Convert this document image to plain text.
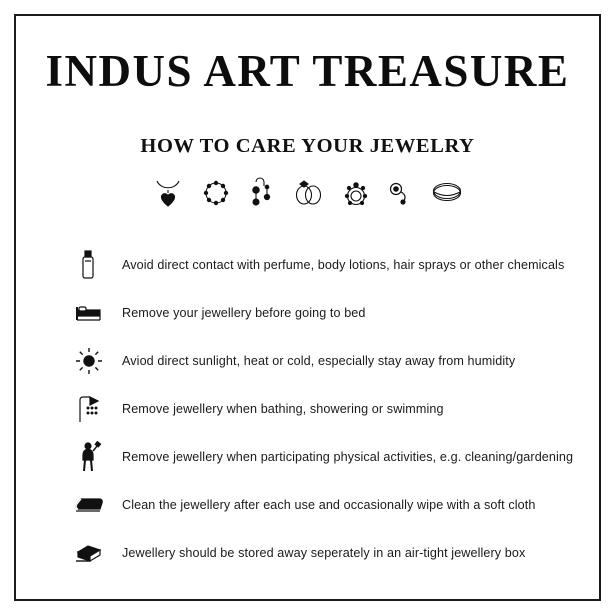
INDUS ART TREASURE
HOW TO CARE YOUR JEWELRY
Avoid direct contact with perfume, body lotions, hair sprays or other chemicals
Remove your jewellery before going to bed
Aviod direct sunlight, heat or cold, especially stay away from humidity
Remove jewellery when bathing, showering or swimming
Remove jewellery when participating physical activities, e.g. cleaning/gardening
Clean the jewellery after each use and occasionally wipe with a soft cloth
Jewellery should be stored away seperately in an air-tight jewellery box
